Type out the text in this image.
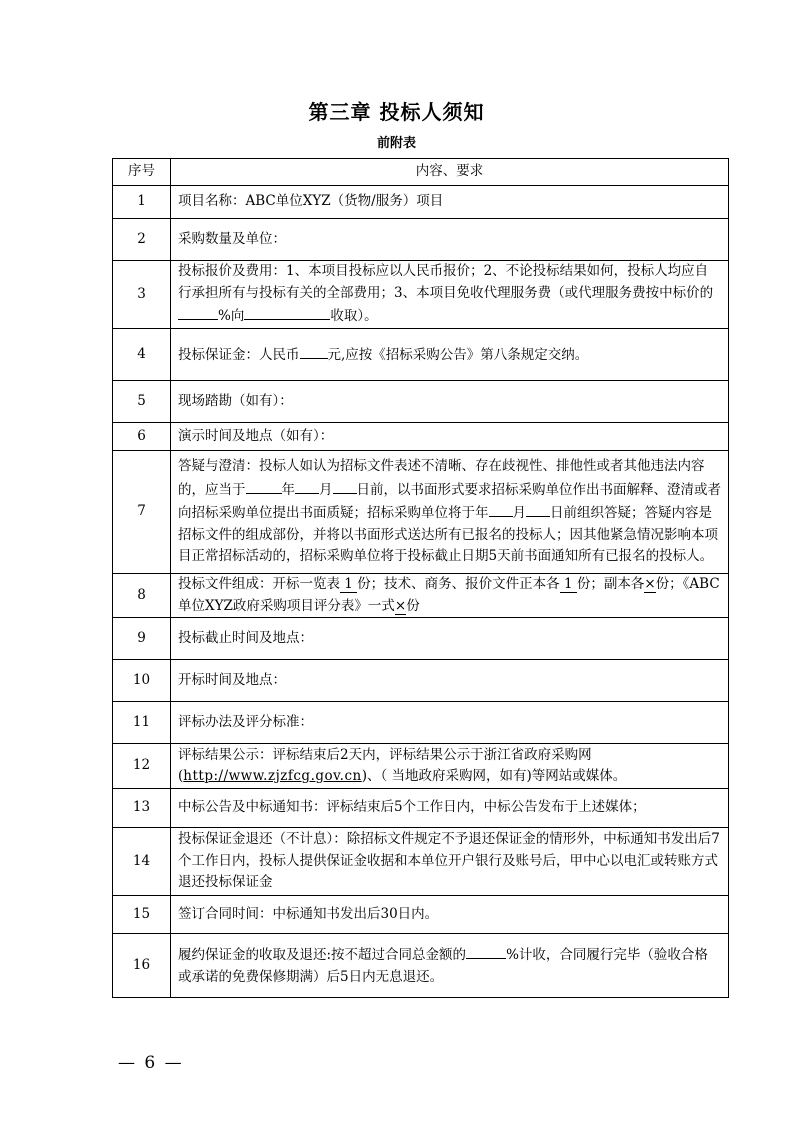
第三章 投标人须知
前附表
序号	内容、要求
1	项目名称：ABC单位XYZ（货物/服务）项目
2	采购数量及单位：
3	投标报价及费用：1、本项目投标应以人民币报价；2、不论投标结果如何，投标人均应自行承担所有与投标有关的全部费用；3、本项目免收代理服务费（或代理服务费按中标价的%向 收取）。
4	投标保证金：人民币 元,应按《招标采购公告》第八条规定交纳。
5	现场踏勘（如有）：
6	演示时间及地点（如有）：
7	答疑与澄清：投标人如认为招标文件表述不清晰、存在歧视性、排他性或者其他违法内容的，应当于 年 月 日前，以书面形式要求招标采购单位作出书面解释、澄清或者向招标采购单位提出书面质疑；招标采购单位将于年 月 日前组织答疑；答疑内容是招标文件的组成部份，并将以书面形式送达所有已报名的投标人；因其他紧急情况影响本项目正常招标活动的，招标采购单位将于投标截止日期5天前书面通知所有已报名的投标人。
8	投标文件组成：开标一览表 1 份；技术、商务、报价文件正本各 1 份；副本各×份；《ABC单位XYZ政府采购项目评分表》一式×份
9	投标截止时间及地点：
10	开标时间及地点：
11	评标办法及评分标准：
12	评标结果公示：评标结束后2天内，评标结果公示于浙江省政府采购网(http://www.zjzfcg.gov.cn)、（ 当地政府采购网，如有)等网站或媒体。
13	中标公告及中标通知书：评标结束后5个工作日内，中标公告发布于上述媒体；
14	投标保证金退还（不计息）：除招标文件规定不予退还保证金的情形外，中标通知书发出后7个工作日内，投标人提供保证金收据和本单位开户银行及账号后，甲中心以电汇或转账方式退还投标保证金
15	签订合同时间：中标通知书发出后30日内。
16	履约保证金的收取及退还:按不超过合同总金额的 %计收，合同履行完毕（验收合格或承诺的免费保修期满）后5日内无息退还。
— 6 —
